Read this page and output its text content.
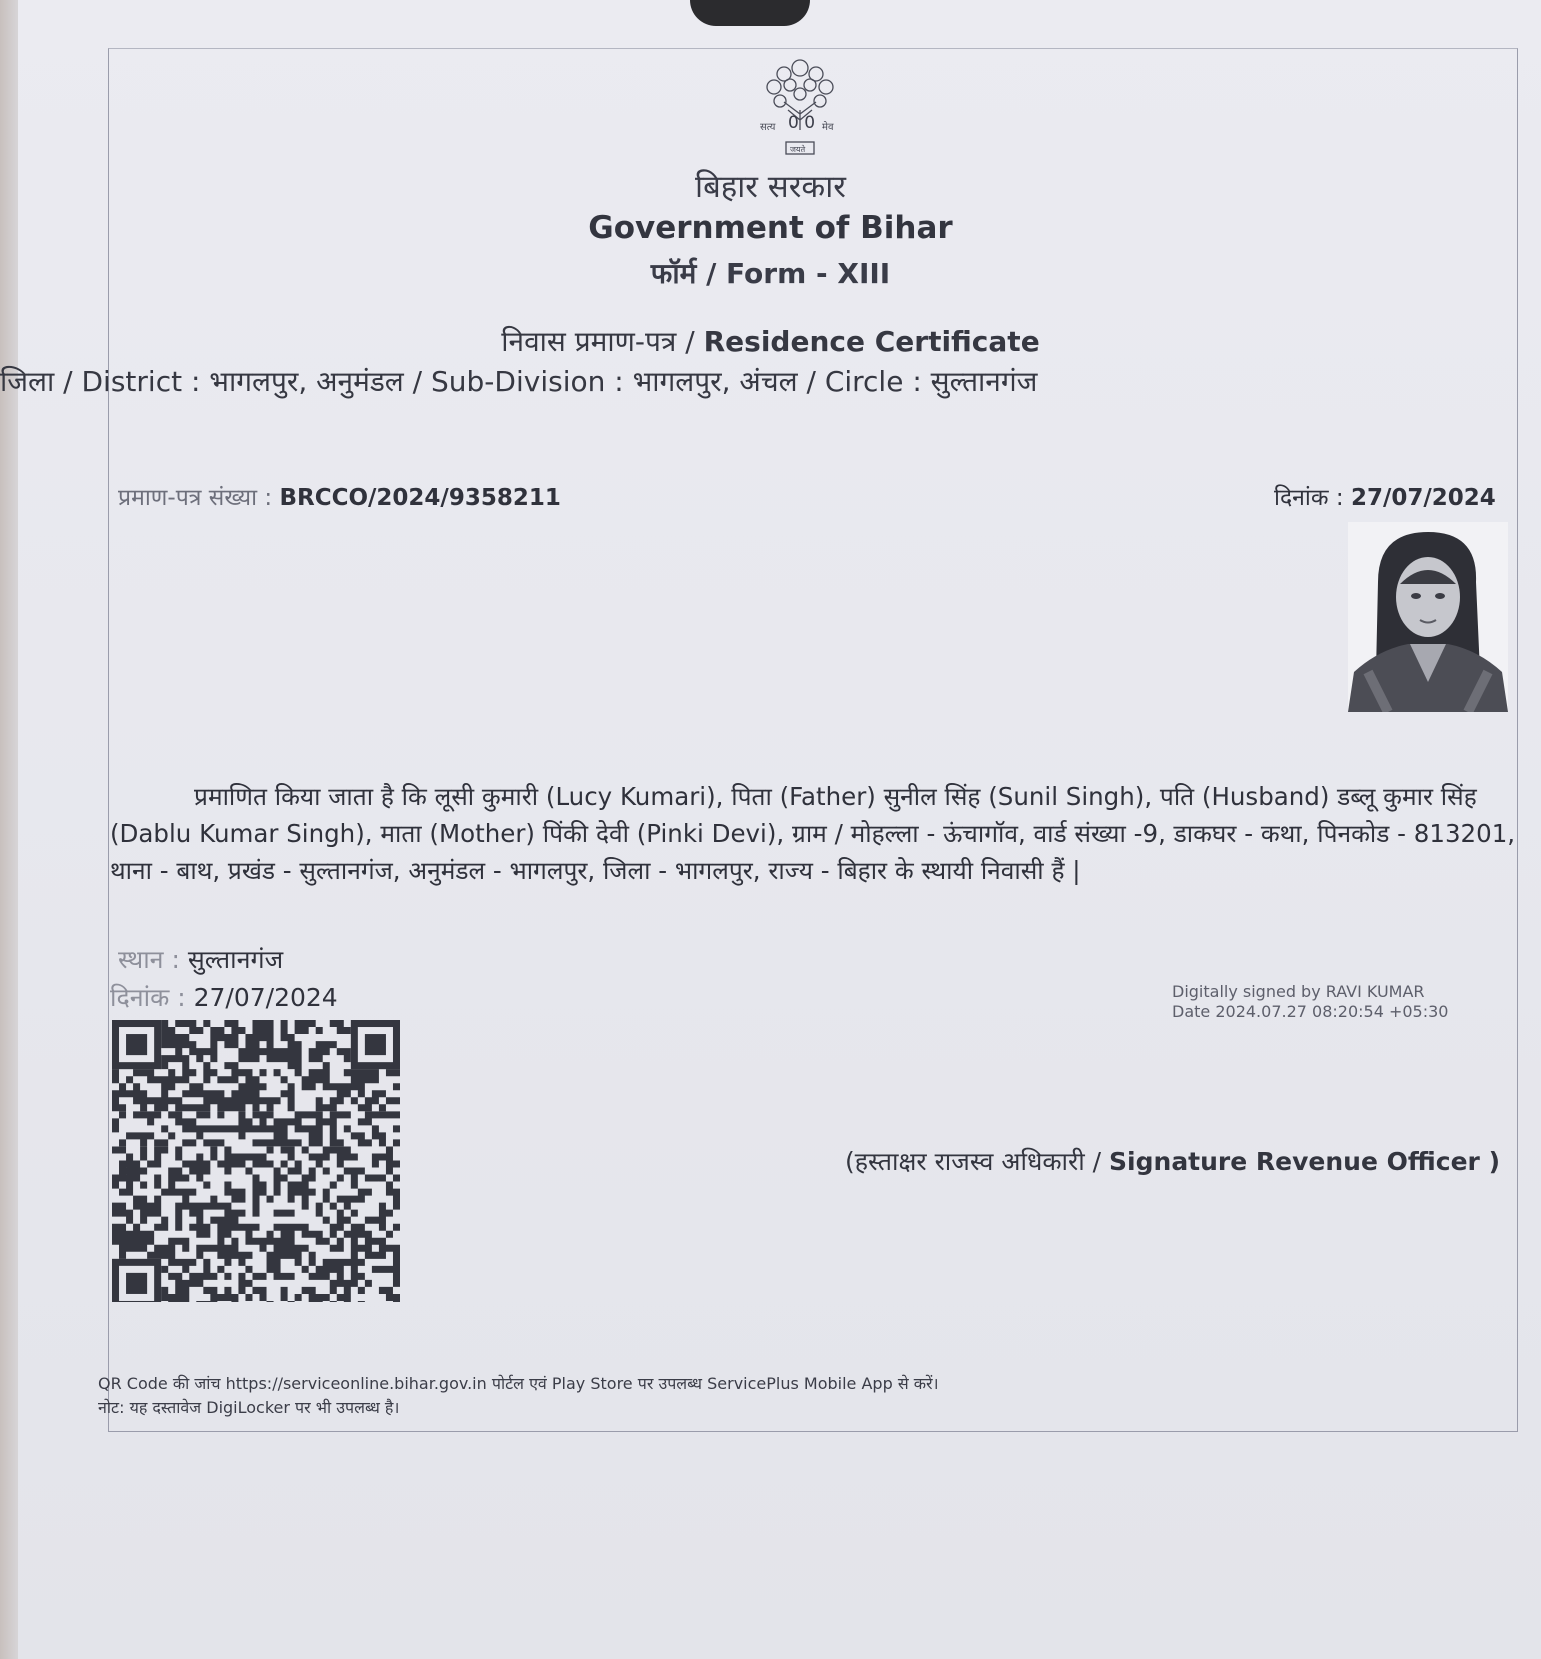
सत्य 0 0 मेव
जयते
बिहार सरकार
Government of Bihar
फॉर्म / Form - XIII
निवास प्रमाण-पत्र / Residence Certificate
जिला / District : भागलपुर, अनुमंडल / Sub-Division : भागलपुर, अंचल / Circle : सुल्तानगंज
प्रमाण-पत्र संख्या : BRCCO/2024/9358211	दिनांक : 27/07/2024
प्रमाणित किया जाता है कि लूसी कुमारी (Lucy Kumari), पिता (Father) सुनील सिंह (Sunil Singh), पति (Husband) डब्लू कुमार सिंह (Dablu Kumar Singh), माता (Mother) पिंकी देवी (Pinki Devi), ग्राम / मोहल्ला - ऊंचागॉव, वार्ड संख्या -9, डाकघर - कथा, पिनकोड - 813201, थाना - बाथ, प्रखंड - सुल्तानगंज, अनुमंडल - भागलपुर, जिला - भागलपुर, राज्य - बिहार के स्थायी निवासी हैं |
स्थान : सुल्तानगंज
दिनांक : 27/07/2024	Digitally signed by RAVI KUMAR
Date 2024.07.27 08:20:54 +05:30
(हस्ताक्षर राजस्व अधिकारी / Signature Revenue Officer )
QR Code की जांच https://serviceonline.bihar.gov.in पोर्टल एवं Play Store पर उपलब्ध ServicePlus Mobile App से करें।
नोट: यह दस्तावेज DigiLocker पर भी उपलब्ध है।
